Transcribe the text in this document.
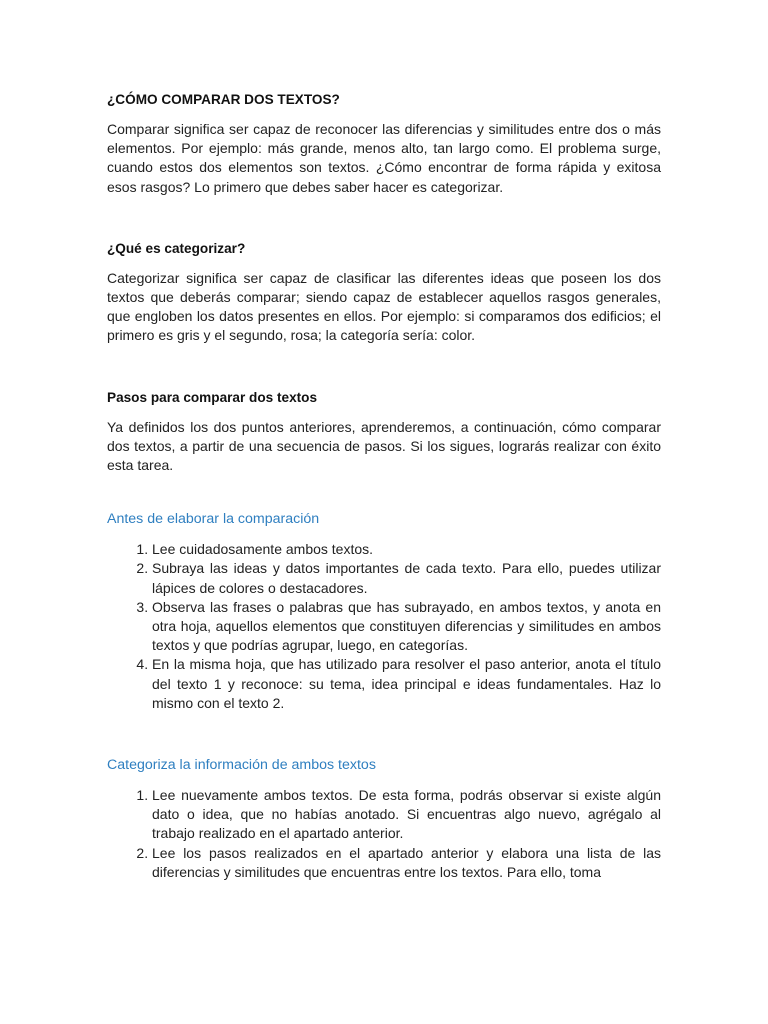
¿CÓMO COMPARAR DOS TEXTOS?

Comparar significa ser capaz de reconocer las diferencias y similitudes entre dos o más elementos. Por ejemplo: más grande, menos alto, tan largo como. El problema surge, cuando estos dos elementos son textos. ¿Cómo encontrar de forma rápida y exitosa esos rasgos? Lo primero que debes saber hacer es categorizar.

¿Qué es categorizar?

Categorizar significa ser capaz de clasificar las diferentes ideas que poseen los dos textos que deberás comparar; siendo capaz de establecer aquellos rasgos generales, que engloben los datos presentes en ellos. Por ejemplo: si comparamos dos edificios; el primero es gris y el segundo, rosa; la categoría sería: color.

Pasos para comparar dos textos

Ya definidos los dos puntos anteriores, aprenderemos, a continuación, cómo comparar dos textos, a partir de una secuencia de pasos. Si los sigues, lograrás realizar con éxito esta tarea.

Antes de elaborar la comparación
1. Lee cuidadosamente ambos textos.
2. Subraya las ideas y datos importantes de cada texto. Para ello, puedes utilizar lápices de colores o destacadores.
3. Observa las frases o palabras que has subrayado, en ambos textos, y anota en otra hoja, aquellos elementos que constituyen diferencias y similitudes en ambos textos y que podrías agrupar, luego, en categorías.
4. En la misma hoja, que has utilizado para resolver el paso anterior, anota el título del texto 1 y reconoce: su tema, idea principal e ideas fundamentales. Haz lo mismo con el texto 2.
Categoriza la información de ambos textos
1. Lee nuevamente ambos textos. De esta forma, podrás observar si existe algún dato o idea, que no habías anotado. Si encuentras algo nuevo, agrégalo al trabajo realizado en el apartado anterior.
2. Lee los pasos realizados en el apartado anterior y elabora una lista de las diferencias y similitudes que encuentras entre los textos. Para ello, toma
